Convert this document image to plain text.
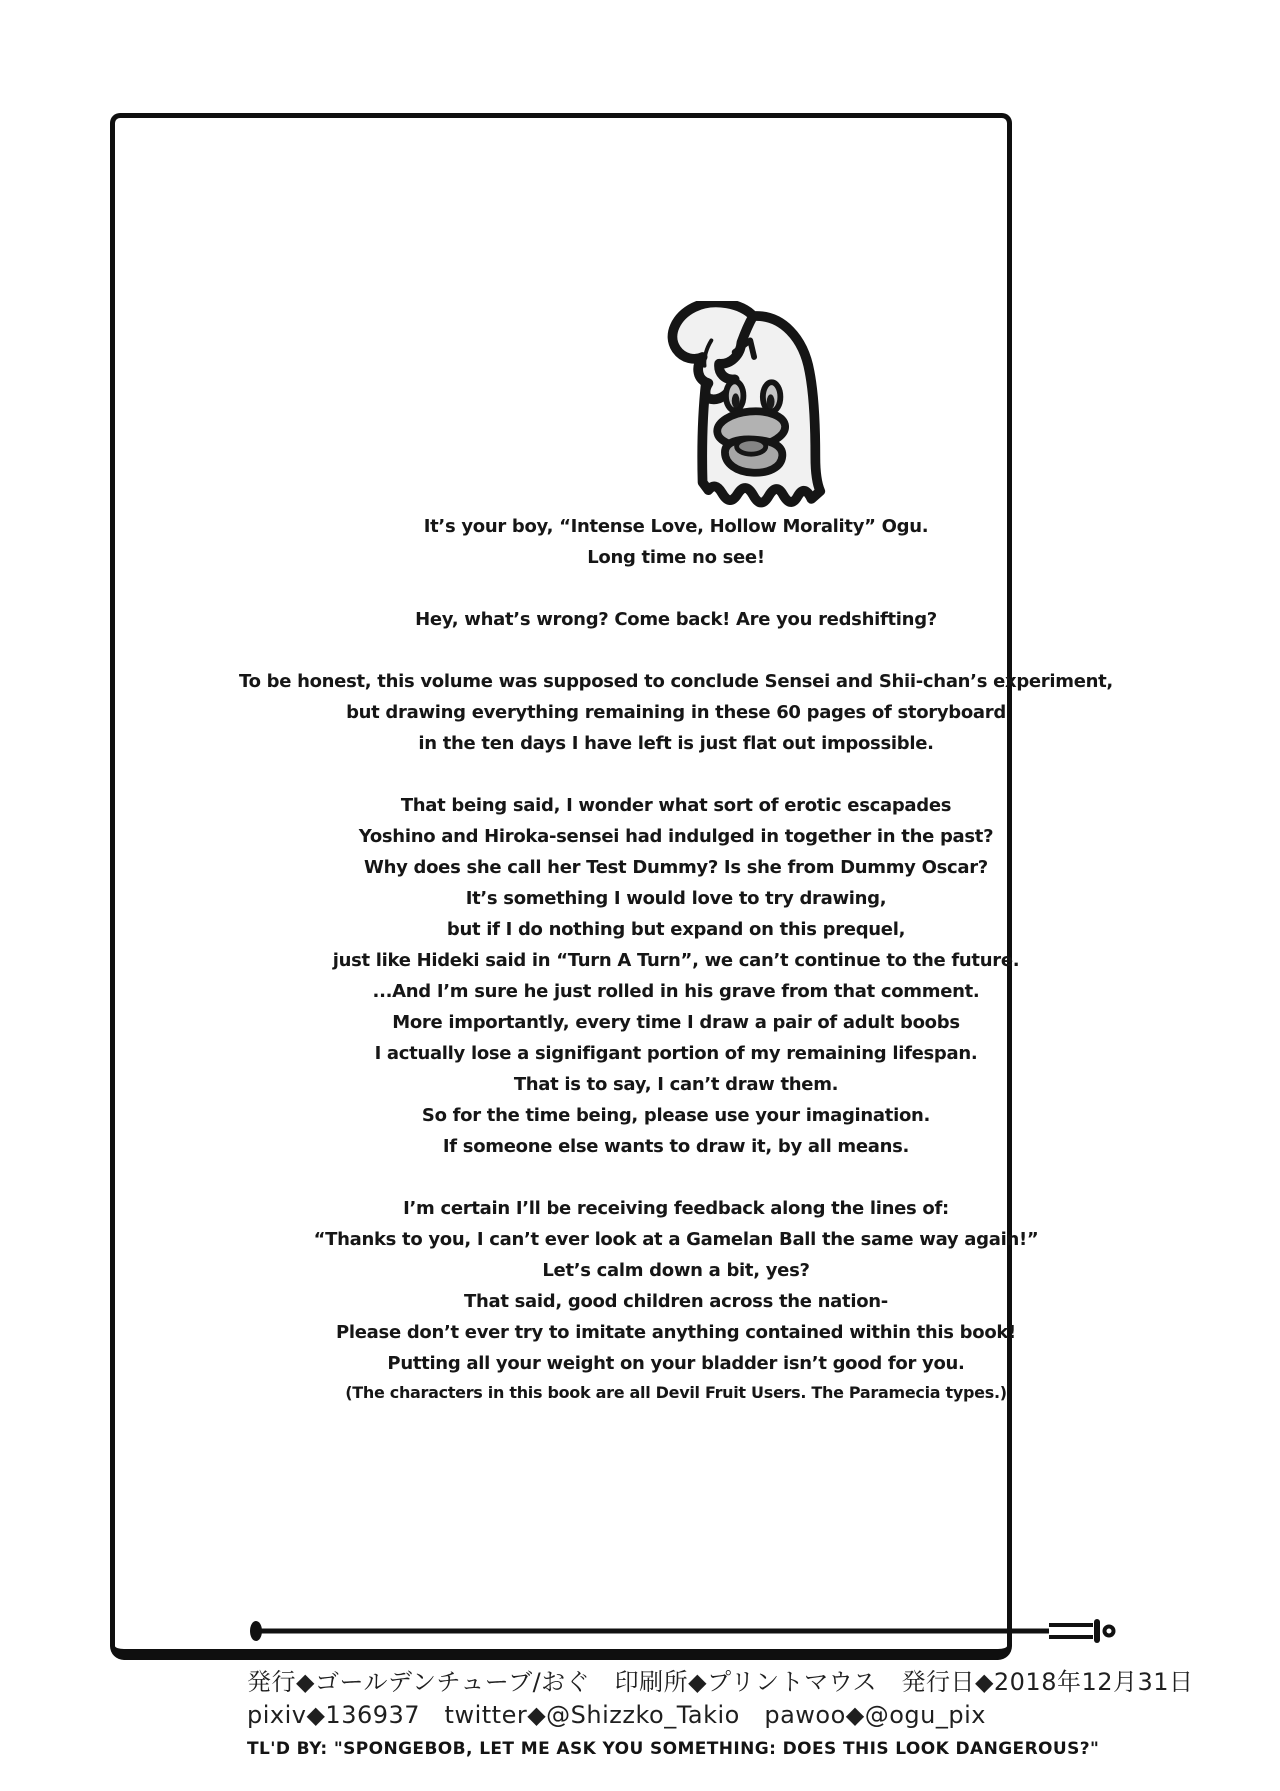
It’s your boy, “Intense Love, Hollow Morality” Ogu.
Long time no see!
Hey, what’s wrong? Come back! Are you redshifting?
To be honest, this volume was supposed to conclude Sensei and Shii-chan’s experiment,
but drawing everything remaining in these 60 pages of storyboard
in the ten days I have left is just flat out impossible.
That being said, I wonder what sort of erotic escapades
Yoshino and Hiroka-sensei had indulged in together in the past?
Why does she call her Test Dummy? Is she from Dummy Oscar?
It’s something I would love to try drawing,
but if I do nothing but expand on this prequel,
just like Hideki said in “Turn A Turn”, we can’t continue to the future.
...And I’m sure he just rolled in his grave from that comment.
More importantly, every time I draw a pair of adult boobs
I actually lose a signifigant portion of my remaining lifespan.
That is to say, I can’t draw them.
So for the time being, please use your imagination.
If someone else wants to draw it, by all means.
I’m certain I’ll be receiving feedback along the lines of:
“Thanks to you, I can’t ever look at a Gamelan Ball the same way again!”
Let’s calm down a bit, yes?
That said, good children across the nation-
Please don’t ever try to imitate anything contained within this book!
Putting all your weight on your bladder isn’t good for you.
(The characters in this book are all Devil Fruit Users. The Paramecia types.)
発行◆ゴールデンチューブ/おぐ　印刷所◆プリントマウス　発行日◆2018年12月31日
pixiv◆136937　twitter◆@Shizzko_Takio　pawoo◆@ogu_pix
TL'D BY: "SPONGEBOB, LET ME ASK YOU SOMETHING: DOES THIS LOOK DANGEROUS?"
